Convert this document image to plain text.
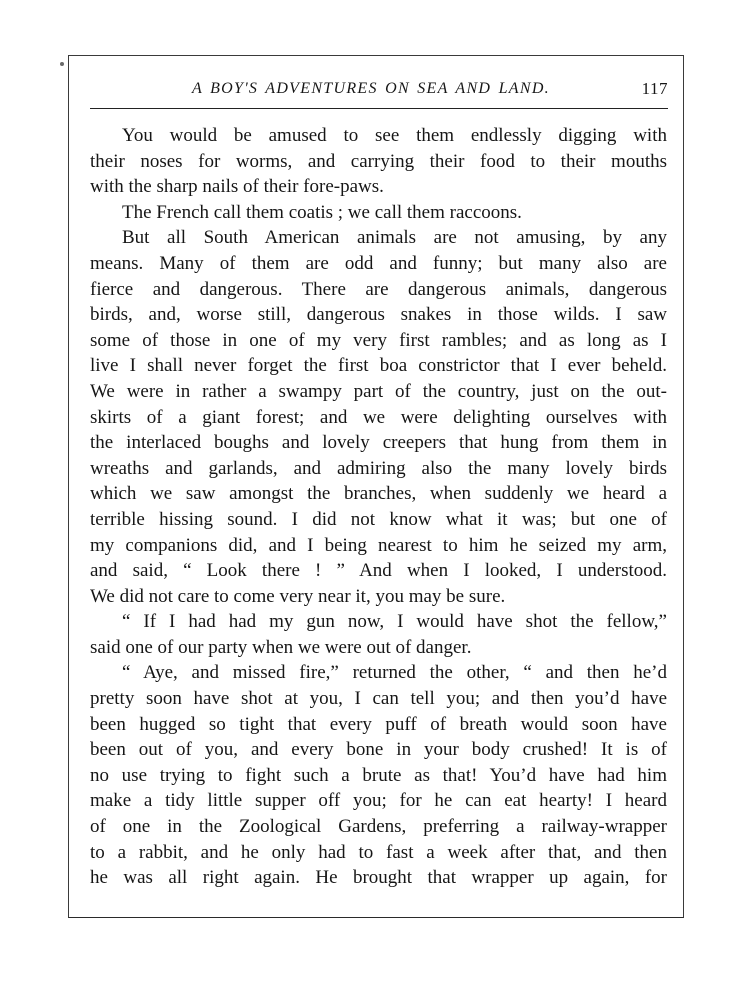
A BOY'S ADVENTURES ON SEA AND LAND.	117
You would be amused to see them endlessly digging with
their noses for worms, and carrying their food to their mouths
with the sharp nails of their fore-paws.
The French call them coatis ; we call them raccoons.
But all South American animals are not amusing, by any
means. Many of them are odd and funny; but many also are
fierce and dangerous. There are dangerous animals, dangerous
birds, and, worse still, dangerous snakes in those wilds. I saw
some of those in one of my very first rambles; and as long as I
live I shall never forget the first boa constrictor that I ever beheld.
We were in rather a swampy part of the country, just on the out-
skirts of a giant forest; and we were delighting ourselves with
the interlaced boughs and lovely creepers that hung from them in
wreaths and garlands, and admiring also the many lovely birds
which we saw amongst the branches, when suddenly we heard a
terrible hissing sound. I did not know what it was; but one of
my companions did, and I being nearest to him he seized my arm,
and said, “ Look there ! ” And when I looked, I understood.
We did not care to come very near it, you may be sure.
“ If I had had my gun now, I would have shot the fellow,”
said one of our party when we were out of danger.
“ Aye, and missed fire,” returned the other, “ and then he’d
pretty soon have shot at you, I can tell you; and then you’d have
been hugged so tight that every puff of breath would soon have
been out of you, and every bone in your body crushed! It is of
no use trying to fight such a brute as that! You’d have had him
make a tidy little supper off you; for he can eat hearty! I heard
of one in the Zoological Gardens, preferring a railway-wrapper
to a rabbit, and he only had to fast a week after that, and then
he was all right again. He brought that wrapper up again, for
